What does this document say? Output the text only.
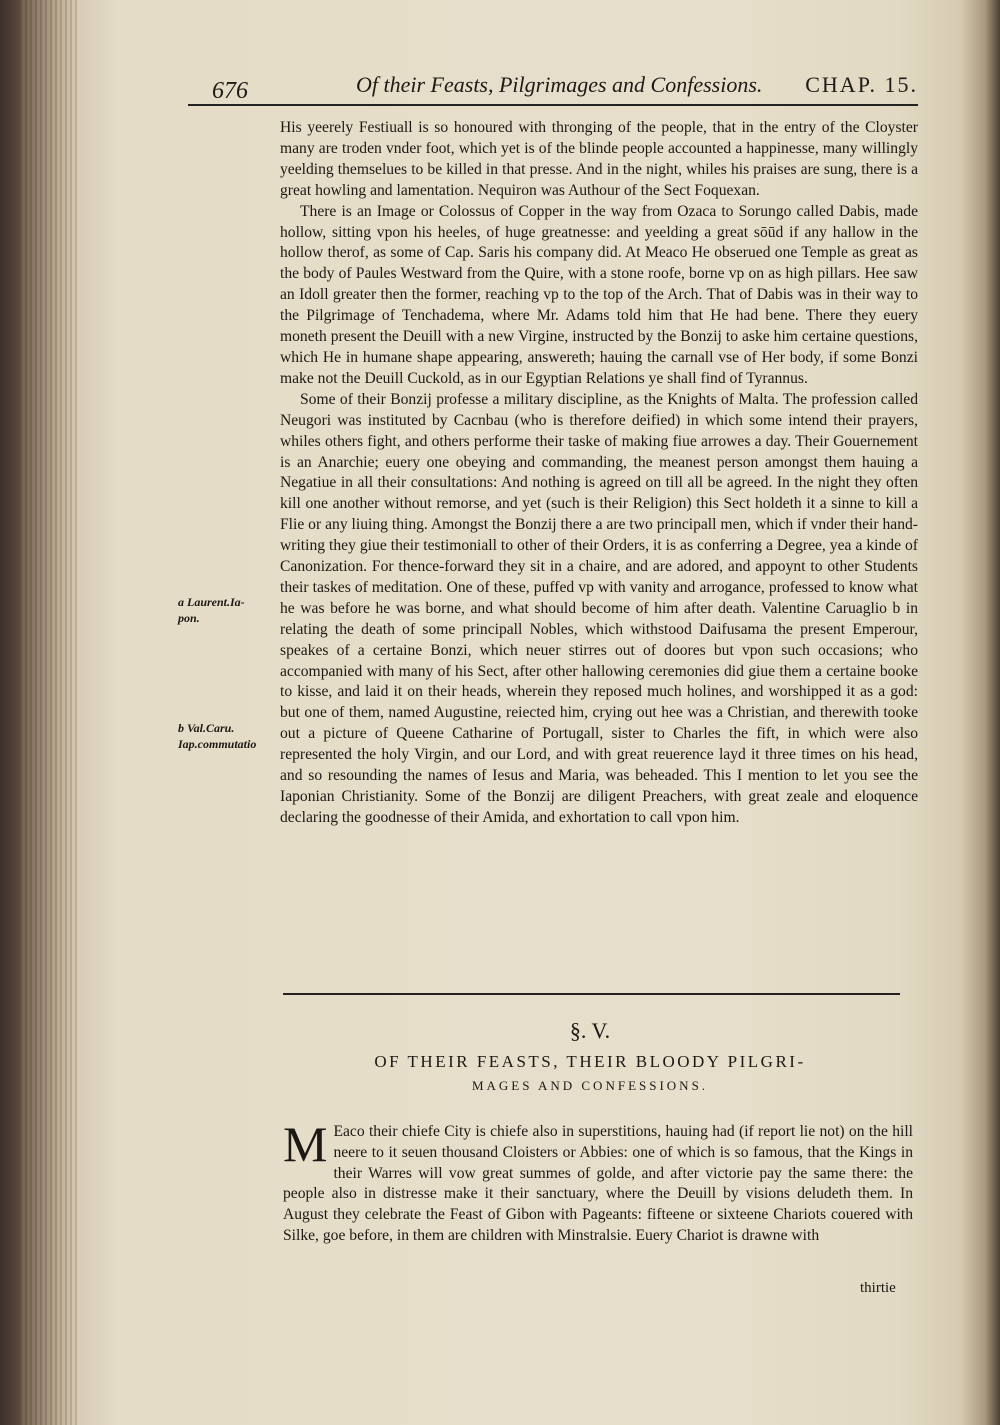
676	Of their Feasts, Pilgrimages and Confessions. CHAP. 15.

His yeerely Festiuall is so honoured with thronging of the people, that in the entry of the Cloyster many are troden vnder foot, which yet is of the blinde people accounted a happinesse, many willingly yeelding themselues to be killed in that presse. And in the night, whiles his praises are sung, there is a great howling and lamentation. Nequiron was Authour of the Sect Foquexan.

There is an Image or Colossus of Copper in the way from Ozaca to Sorungo called Dabis, made hollow, sitting vpon his heeles, of huge greatnesse: and yeelding a great sōūd if any hallow in the hollow therof, as some of Cap. Saris his company did. At Meaco He obserued one Temple as great as the body of Paules Westward from the Quire, with a stone roofe, borne vp on as high pillars. Hee saw an Idoll greater then the former, reaching vp to the top of the Arch. That of Dabis was in their way to the Pilgrimage of Tenchadema, where Mr. Adams told him that He had bene. There they euery moneth present the Deuill with a new Virgine, instructed by the Bonzij to aske him certaine questions, which He in humane shape appearing, answereth; hauing the carnall vse of Her body, if some Bonzi make not the Deuill Cuckold, as in our Egyptian Relations ye shall find of Tyrannus.

Some of their Bonzij professe a military discipline, as the Knights of Malta. The profession called Neugori was instituted by Cacnbau (who is therefore deified) in which some intend their prayers, whiles others fight, and others performe their taske of making fiue arrowes a day. Their Gouernement is an Anarchie; euery one obeying and commanding, the meanest person amongst them hauing a Negatiue in all their consultations: And nothing is agreed on till all be agreed. In the night they often kill one another without remorse, and yet (such is their Religion) this Sect holdeth it a sinne to kill a Flie or any liuing thing. Amongst the Bonzij there a are two principall men, which if vnder their hand-writing they giue their testimoniall to other of their Orders, it is as conferring a Degree, yea a kinde of Canonization. For thence-forward they sit in a chaire, and are adored, and appoynt to other Students their taskes of meditation. One of these, puffed vp with vanity and arrogance, professed to know what he was before he was borne, and what should become of him after death. Valentine Caruaglio b in relating the death of some principall Nobles, which withstood Daifusama the present Emperour, speakes of a certaine Bonzi, which neuer stirres out of doores but vpon such occasions; who accompanied with many of his Sect, after other hallowing ceremonies did giue them a certaine booke to kisse, and laid it on their heads, wherein they reposed much holines, and worshipped it as a god: but one of them, named Augustine, reiected him, crying out hee was a Christian, and therewith tooke out a picture of Queene Catharine of Portugall, sister to Charles the fift, in which were also represented the holy Virgin, and our Lord, and with great reuerence layd it three times on his head, and so resounding the names of Iesus and Maria, was beheaded. This I mention to let you see the Iaponian Christianity. Some of the Bonzij are diligent Preachers, with great zeale and eloquence declaring the goodnesse of their Amida, and exhortation to call vpon him.

a Laurent.Ia-
pon.
b Val.Caru.
Iap.commutatio
§. V.
OF THEIR FEASTS, THEIR BLOODY PILGRI-
MAGES AND CONFESSIONS.
M Eaco their chiefe City is chiefe also in superstitions, hauing had (if report lie not) on the hill neere to it seuen thousand Cloisters or Abbies: one of which is so famous, that the Kings in their Warres will vow great summes of golde, and after victorie pay the same there: the people also in distresse make it their sanctuary, where the Deuill by visions deludeth them. In August they celebrate the Feast of Gibon with Pageants: fifteene or sixteene Chariots couered with Silke, goe before, in them are children with Minstralsie. Euery Chariot is drawne with
thirtie
